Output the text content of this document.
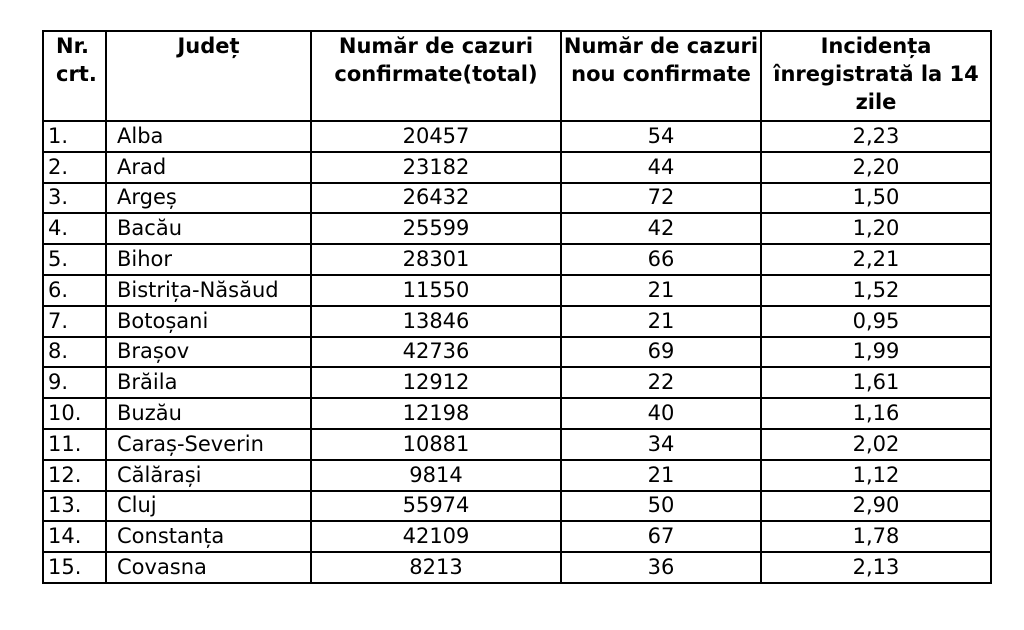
Nr. crt.	Județ	Număr de cazuri confirmate(total)	Număr de cazuri nou confirmate	Incidența înregistrată la 14 zile
1.	Alba	20457	54	2,23
2.	Arad	23182	44	2,20
3.	Argeș	26432	72	1,50
4.	Bacău	25599	42	1,20
5.	Bihor	28301	66	2,21
6.	Bistrița-Năsăud	11550	21	1,52
7.	Botoșani	13846	21	0,95
8.	Brașov	42736	69	1,99
9.	Brăila	12912	22	1,61
10.	Buzău	12198	40	1,16
11.	Caraș-Severin	10881	34	2,02
12.	Călărași	9814	21	1,12
13.	Cluj	55974	50	2,90
14.	Constanța	42109	67	1,78
15.	Covasna	8213	36	2,13
